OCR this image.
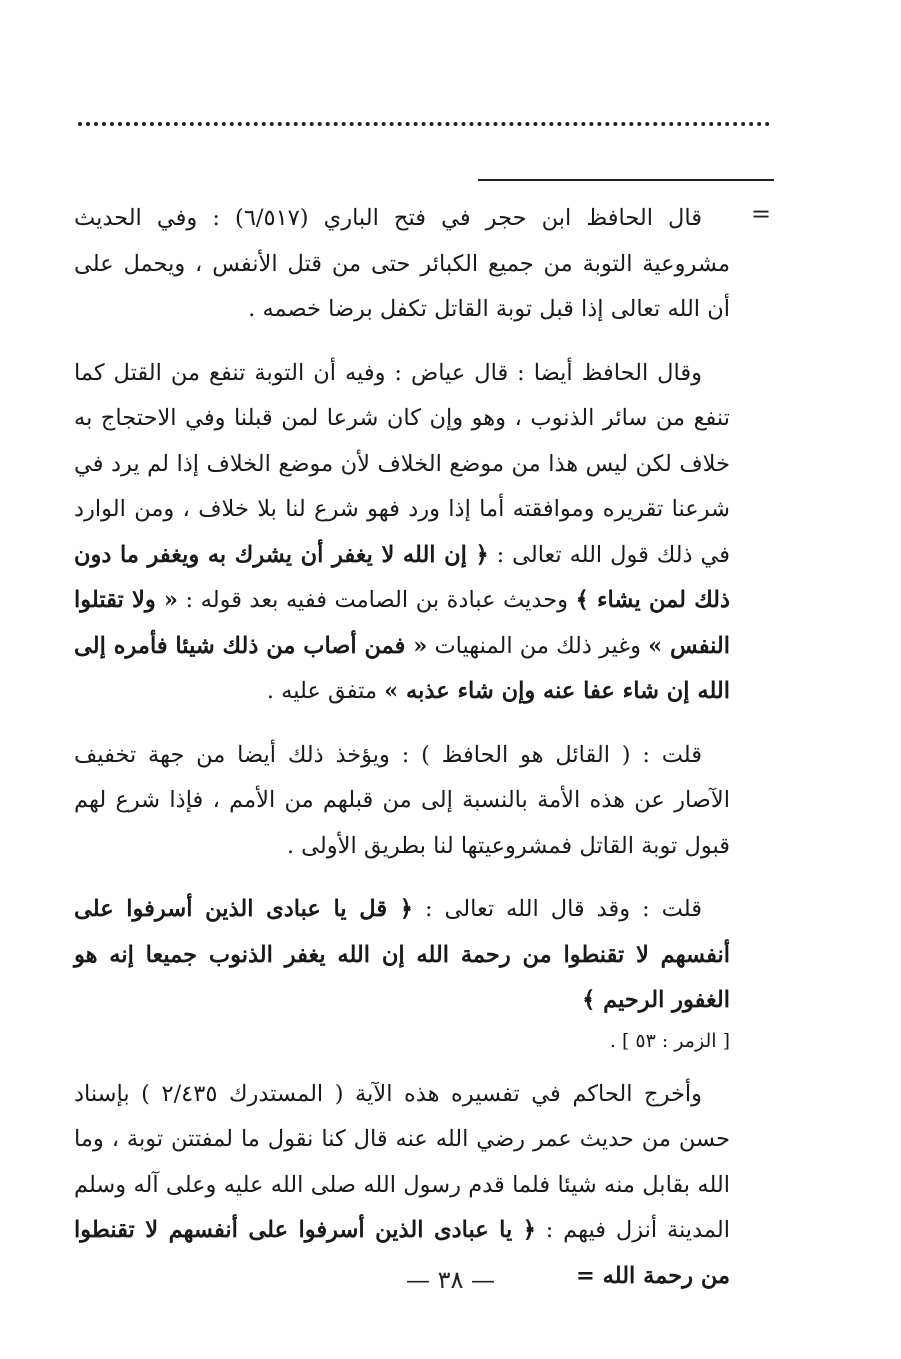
=

قال الحافظ ابن حجر في فتح الباري (٦/٥١٧) : وفي الحديث مشروعية التوبة من جميع الكبائر حتى من قتل الأنفس ، ويحمل على أن الله تعالى إذا قبل توبة القاتل تكفل برضا خصمه .

وقال الحافظ أيضا : قال عياض : وفيه أن التوبة تنفع من القتل كما تنفع من سائر الذنوب ، وهو وإن كان شرعا لمن قبلنا وفي الاحتجاج به خلاف لكن ليس هذا من موضع الخلاف لأن موضع الخلاف إذا لم يرد في شرعنا تقريره وموافقته أما إذا ورد فهو شرع لنا بلا خلاف ، ومن الوارد في ذلك قول الله تعالى : ﴿ إن الله لا يغفر أن يشرك به ويغفر ما دون ذلك لمن يشاء ﴾ وحديث عبادة بن الصامت ففيه بعد قوله : « ولا تقتلوا النفس » وغير ذلك من المنهيات « فمن أصاب من ذلك شيئا فأمره إلى الله إن شاء عفا عنه وإن شاء عذبه » متفق عليه .

قلت : ( القائل هو الحافظ ) : ويؤخذ ذلك أيضا من جهة تخفيف الآصار عن هذه الأمة بالنسبة إلى من قبلهم من الأمم ، فإذا شرع لهم قبول توبة القاتل فمشروعيتها لنا بطريق الأولى .

قلت : وقد قال الله تعالى : ﴿ قل يا عبادى الذين أسرفوا على أنفسهم لا تقنطوا من رحمة الله إن الله يغفر الذنوب جميعا إنه هو الغفور الرحيم ﴾

[ الزمر : ٥٣ ] .

وأخرج الحاكم في تفسيره هذه الآية ( المستدرك ٢/٤٣٥ ) بإسناد حسن من حديث عمر رضي الله عنه قال كنا نقول ما لمفتتن توبة ، وما الله بقابل منه شيئا فلما قدم رسول الله صلى الله عليه وعلى آله وسلم المدينة أنزل فيهم : ﴿ يا عبادى الذين أسرفوا على أنفسهم لا تقنطوا من رحمة الله =

— ٣٨ —
